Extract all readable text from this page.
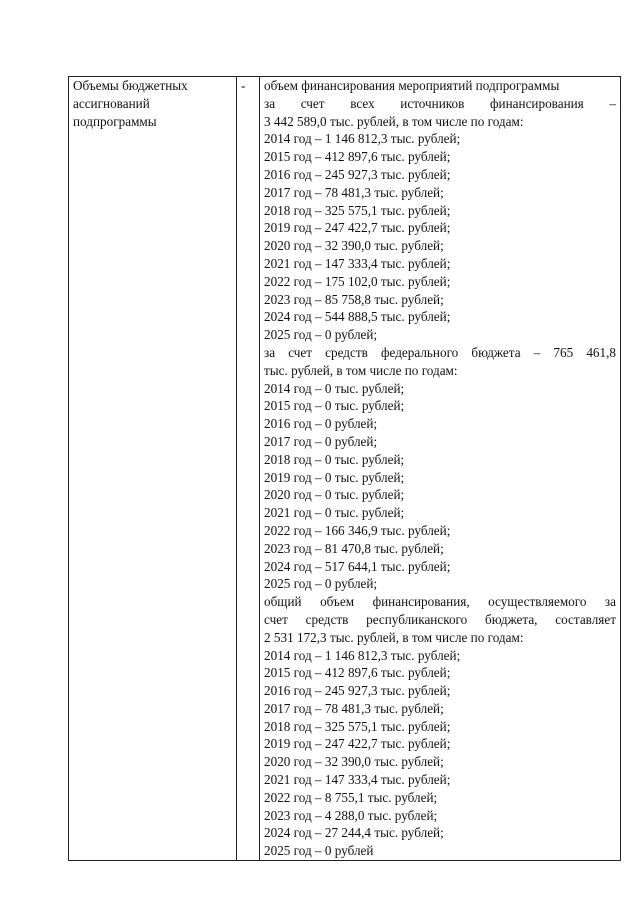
Объемы бюджетных
ассигнований
подпрограммы
	-	объем финансирования мероприятий подпрограммы
за счет всех источников финансирования –
3 442 589,0 тыс. рублей, в том числе по годам:
2014 год – 1 146 812,3 тыс. рублей;
2015 год – 412 897,6 тыс. рублей;
2016 год – 245 927,3 тыс. рублей;
2017 год – 78 481,3 тыс. рублей;
2018 год – 325 575,1 тыс. рублей;
2019 год – 247 422,7 тыс. рублей;
2020 год – 32 390,0 тыс. рублей;
2021 год – 147 333,4 тыс. рублей;
2022 год – 175 102,0 тыс. рублей;
2023 год – 85 758,8 тыс. рублей;
2024 год – 544 888,5 тыс. рублей;
2025 год – 0 рублей;
за счет средств федерального бюджета – 765 461,8
тыс. рублей, в том числе по годам:
2014 год – 0 тыс. рублей;
2015 год – 0 тыс. рублей;
2016 год – 0 рублей;
2017 год – 0 рублей;
2018 год – 0 тыс. рублей;
2019 год – 0 тыс. рублей;
2020 год – 0 тыс. рублей;
2021 год – 0 тыс. рублей;
2022 год – 166 346,9 тыс. рублей;
2023 год – 81 470,8 тыс. рублей;
2024 год – 517 644,1 тыс. рублей;
2025 год – 0 рублей;
общий объем финансирования, осуществляемого за
счет средств республиканского бюджета, составляет
2 531 172,3 тыс. рублей, в том числе по годам:
2014 год – 1 146 812,3 тыс. рублей;
2015 год – 412 897,6 тыс. рублей;
2016 год – 245 927,3 тыс. рублей;
2017 год – 78 481,3 тыс. рублей;
2018 год – 325 575,1 тыс. рублей;
2019 год – 247 422,7 тыс. рублей;
2020 год – 32 390,0 тыс. рублей;
2021 год – 147 333,4 тыс. рублей;
2022 год – 8 755,1 тыс. рублей;
2023 год – 4 288,0 тыс. рублей;
2024 год – 27 244,4 тыс. рублей;
2025 год – 0 рублей
